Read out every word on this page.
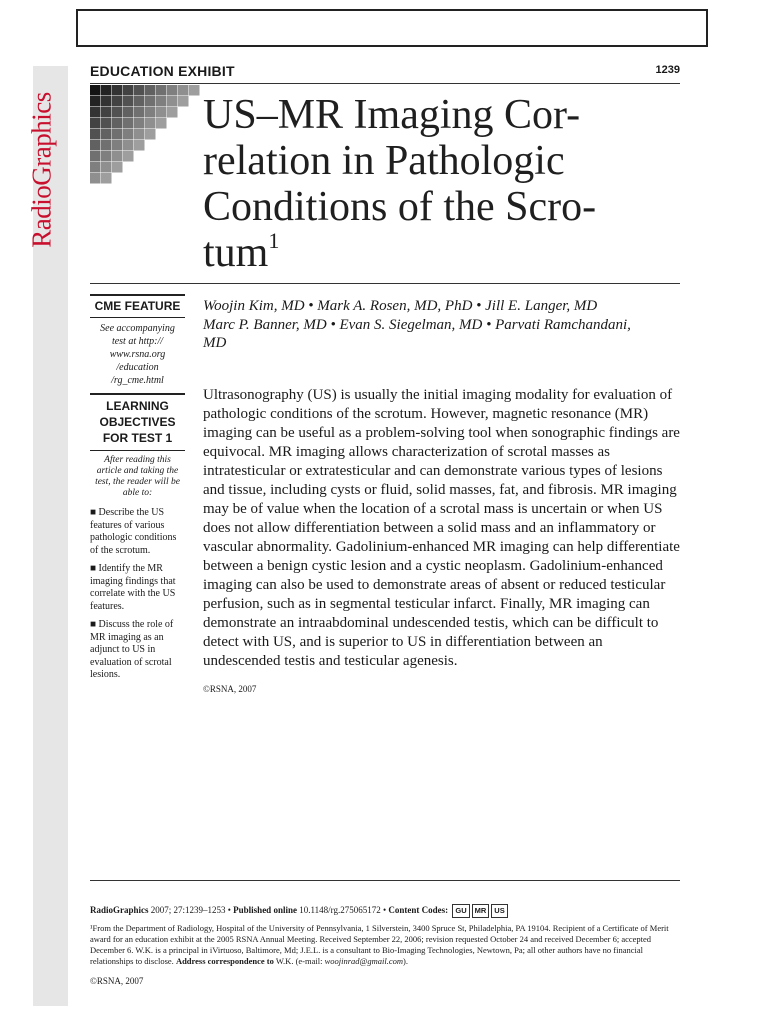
RadioGraphics
EDUCATION EXHIBIT	1239
US–MR Imaging Cor- relation in Pathologic Conditions of the Scro- tum$^1$
CME FEATURE
See accompanying test at http:// www.rsna.org /education /rg_cme.html
LEARNING OBJECTIVES FOR TEST 1
After reading this article and taking the test, the reader will be able to:
■ Describe the US features of various pathologic conditions of the scrotum.
■ Identify the MR imaging findings that correlate with the US features.
■ Discuss the role of MR imaging as an adjunct to US in evaluation of scrotal lesions.
Woojin Kim, MD • Mark A. Rosen, MD, PhD • Jill E. Langer, MD
Marc P. Banner, MD • Evan S. Siegelman, MD • Parvati Ramchandani,
MD

Ultrasonography (US) is usually the initial imaging modality for evaluation of pathologic conditions of the scrotum. However, magnetic resonance (MR) imaging can be useful as a problem-solving tool when sonographic findings are equivocal. MR imaging allows characterization of scrotal masses as intratesticular or extratesticular and can demonstrate various types of lesions and tissue, including cysts or fluid, solid masses, fat, and fibrosis. MR imaging may be of value when the location of a scrotal mass is uncertain or when US does not allow differentiation between a solid mass and an inflammatory or vascular abnormality. Gadolinium-enhanced MR imaging can help differentiate between a benign cystic lesion and a cystic neoplasm. Gadolinium-enhanced imaging can also be used to demonstrate areas of absent or reduced testicular perfusion, such as in segmental testicular infarct. Finally, MR imaging can demonstrate an intraabdominal undescended testis, which can be difficult to detect with US, and is superior to US in differentiation between an undescended testis and testicular agenesis.

©RSNA, 2007
RadioGraphics 2007; 27:1239–1253 • Published online 10.1148/rg.275065172 • Content Codes: GU MR US
¹From the Department of Radiology, Hospital of the University of Pennsylvania, 1 Silverstein, 3400 Spruce St, Philadelphia, PA 19104. Recipient of a Certificate of Merit award for an education exhibit at the 2005 RSNA Annual Meeting. Received September 22, 2006; revision requested October 24 and received December 6; accepted December 6. W.K. is a principal in iVirtuoso, Baltimore, Md; J.E.L. is a consultant to Bio-Imaging Technologies, Newtown, Pa; all other authors have no financial relationships to disclose. Address correspondence to W.K. (e-mail: woojinrad@gmail.com).
©RSNA, 2007
